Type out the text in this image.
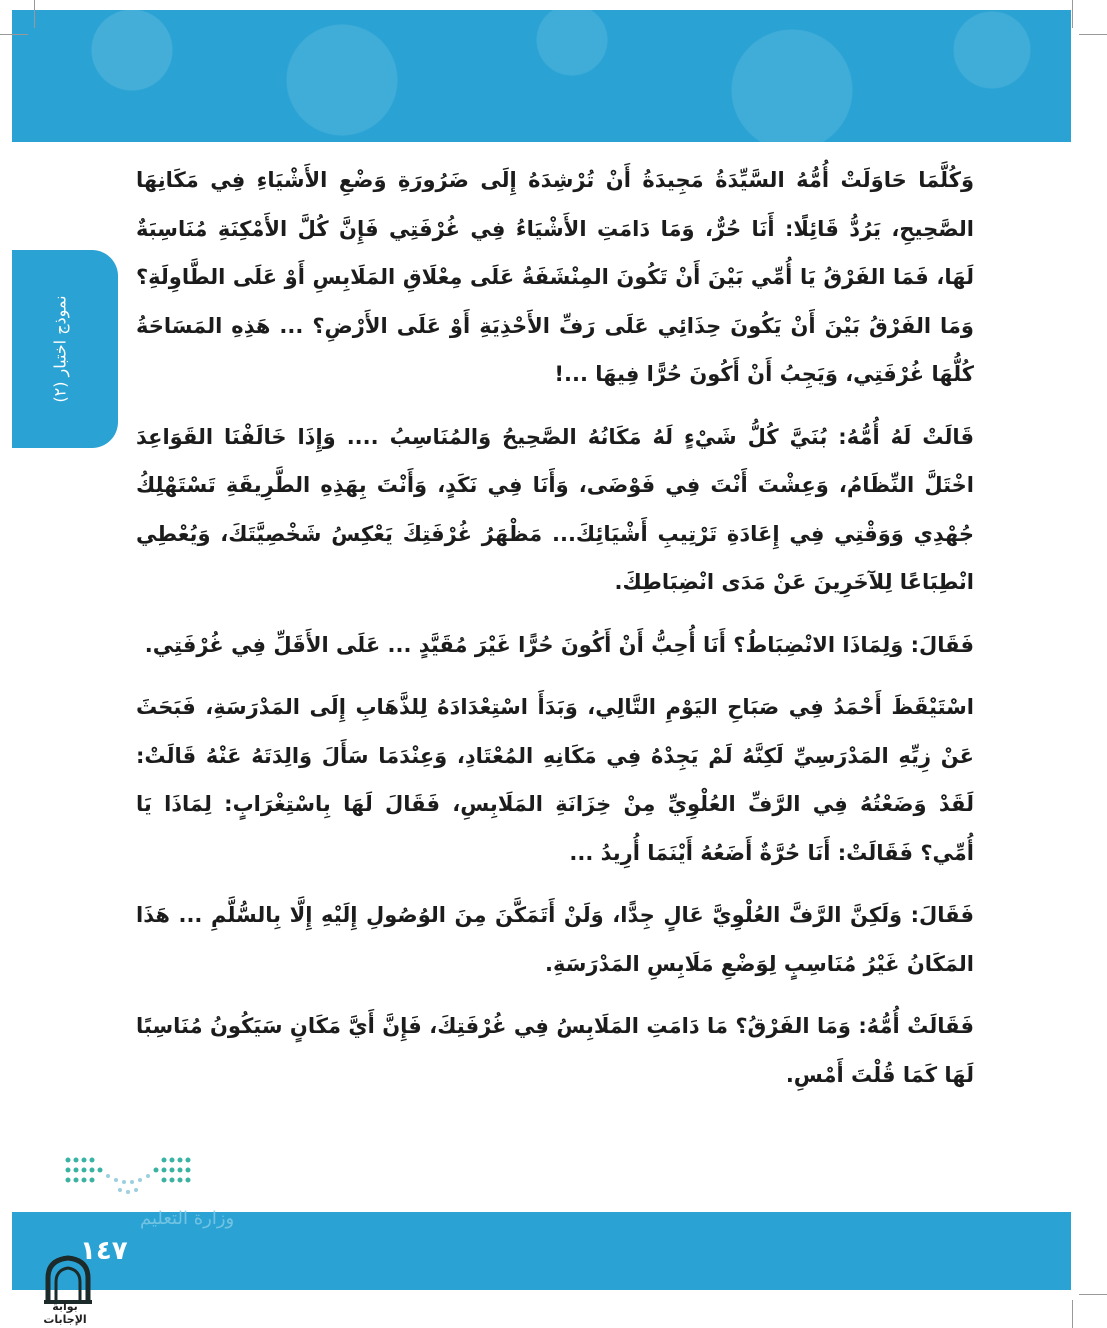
نموذج اختبار (٢)

وَكُلَّمَا حَاوَلَتْ أُمُّهُ السَّيِّدَةُ مَجِيدَةُ أَنْ تُرْشِدَهُ إِلَى ضَرُورَةِ وَضْعِ الأَشْيَاءِ فِي مَكَانِهَا الصَّحِيحِ، يَرُدُّ قَائِلًا: أَنَا حُرٌّ، وَمَا دَامَتِ الأَشْيَاءُ فِي غُرْفَتِي فَإِنَّ كُلَّ الأَمْكِنَةِ مُنَاسِبَةٌ لَهَا، فَمَا الفَرْقُ يَا أُمِّي بَيْنَ أَنْ تَكُونَ المِنْشَفَةُ عَلَى مِعْلَاقِ المَلَابِسِ أَوْ عَلَى الطَّاوِلَةِ؟ وَمَا الفَرْقُ بَيْنَ أَنْ يَكُونَ حِذَائِي عَلَى رَفِّ الأَحْذِيَةِ أَوْ عَلَى الأَرْضِ؟ ... هَذِهِ المَسَاحَةُ كُلُّهَا غُرْفَتِي، وَيَجِبُ أَنْ أَكُونَ حُرًّا فِيهَا ...!

قَالَتْ لَهُ أُمُّهُ: بُنَيَّ كُلُّ شَيْءٍ لَهُ مَكَانُهُ الصَّحِيحُ وَالمُنَاسِبُ .... وَإِذَا خَالَفْنَا القَوَاعِدَ اخْتَلَّ النِّظَامُ، وَعِشْتَ أَنْتَ فِي فَوْضَى، وَأَنَا فِي نَكَدٍ، وَأَنْتَ بِهَذِهِ الطَّرِيقَةِ تَسْتَهْلِكُ جُهْدِي وَوَقْتِي فِي إِعَادَةِ تَرْتِيبِ أَشْيَائِكَ... مَظْهَرُ غُرْفَتِكَ يَعْكِسُ شَخْصِيَّتَكَ، وَيُعْطِي انْطِبَاعًا لِلآخَرِينَ عَنْ مَدَى انْضِبَاطِكَ.

فَقَالَ: وَلِمَاذَا الانْضِبَاطُ؟ أَنَا أُحِبُّ أَنْ أَكُونَ حُرًّا غَيْرَ مُقَيَّدٍ ... عَلَى الأَقَلِّ فِي غُرْفَتِي.

اسْتَيْقَظَ أَحْمَدُ فِي صَبَاحِ اليَوْمِ التَّالِي، وَبَدَأَ اسْتِعْدَادَهُ لِلذَّهَابِ إِلَى المَدْرَسَةِ، فَبَحَثَ عَنْ زِيِّهِ المَدْرَسِيِّ لَكِنَّهُ لَمْ يَجِدْهُ فِي مَكَانِهِ المُعْتَادِ، وَعِنْدَمَا سَأَلَ وَالِدَتَهُ عَنْهُ قَالَتْ: لَقَدْ وَضَعْتُهُ فِي الرَّفِّ العُلْوِيِّ مِنْ خِزَانَةِ المَلَابِسِ، فَقَالَ لَهَا بِاسْتِغْرَابٍ: لِمَاذَا يَا أُمِّي؟ فَقَالَتْ: أَنَا حُرَّةٌ أَضَعُهُ أَيْنَمَا أُرِيدُ ...

فَقَالَ: وَلَكِنَّ الرَّفَّ العُلْوِيَّ عَالٍ جِدًّا، وَلَنْ أَتَمَكَّنَ مِنَ الوُصُولِ إِلَيْهِ إِلَّا بِالسُّلَّمِ ... هَذَا المَكَانُ غَيْرُ مُنَاسِبٍ لِوَضْعِ مَلَابِسِ المَدْرَسَةِ.

فَقَالَتْ أُمُّهُ: وَمَا الفَرْقُ؟ مَا دَامَتِ المَلَابِسُ فِي غُرْفَتِكَ، فَإِنَّ أَيَّ مَكَانٍ سَيَكُونُ مُنَاسِبًا لَهَا كَمَا قُلْتَ أَمْسِ.

وزارة التعليم
١٤٧
بوابة الإجابات
